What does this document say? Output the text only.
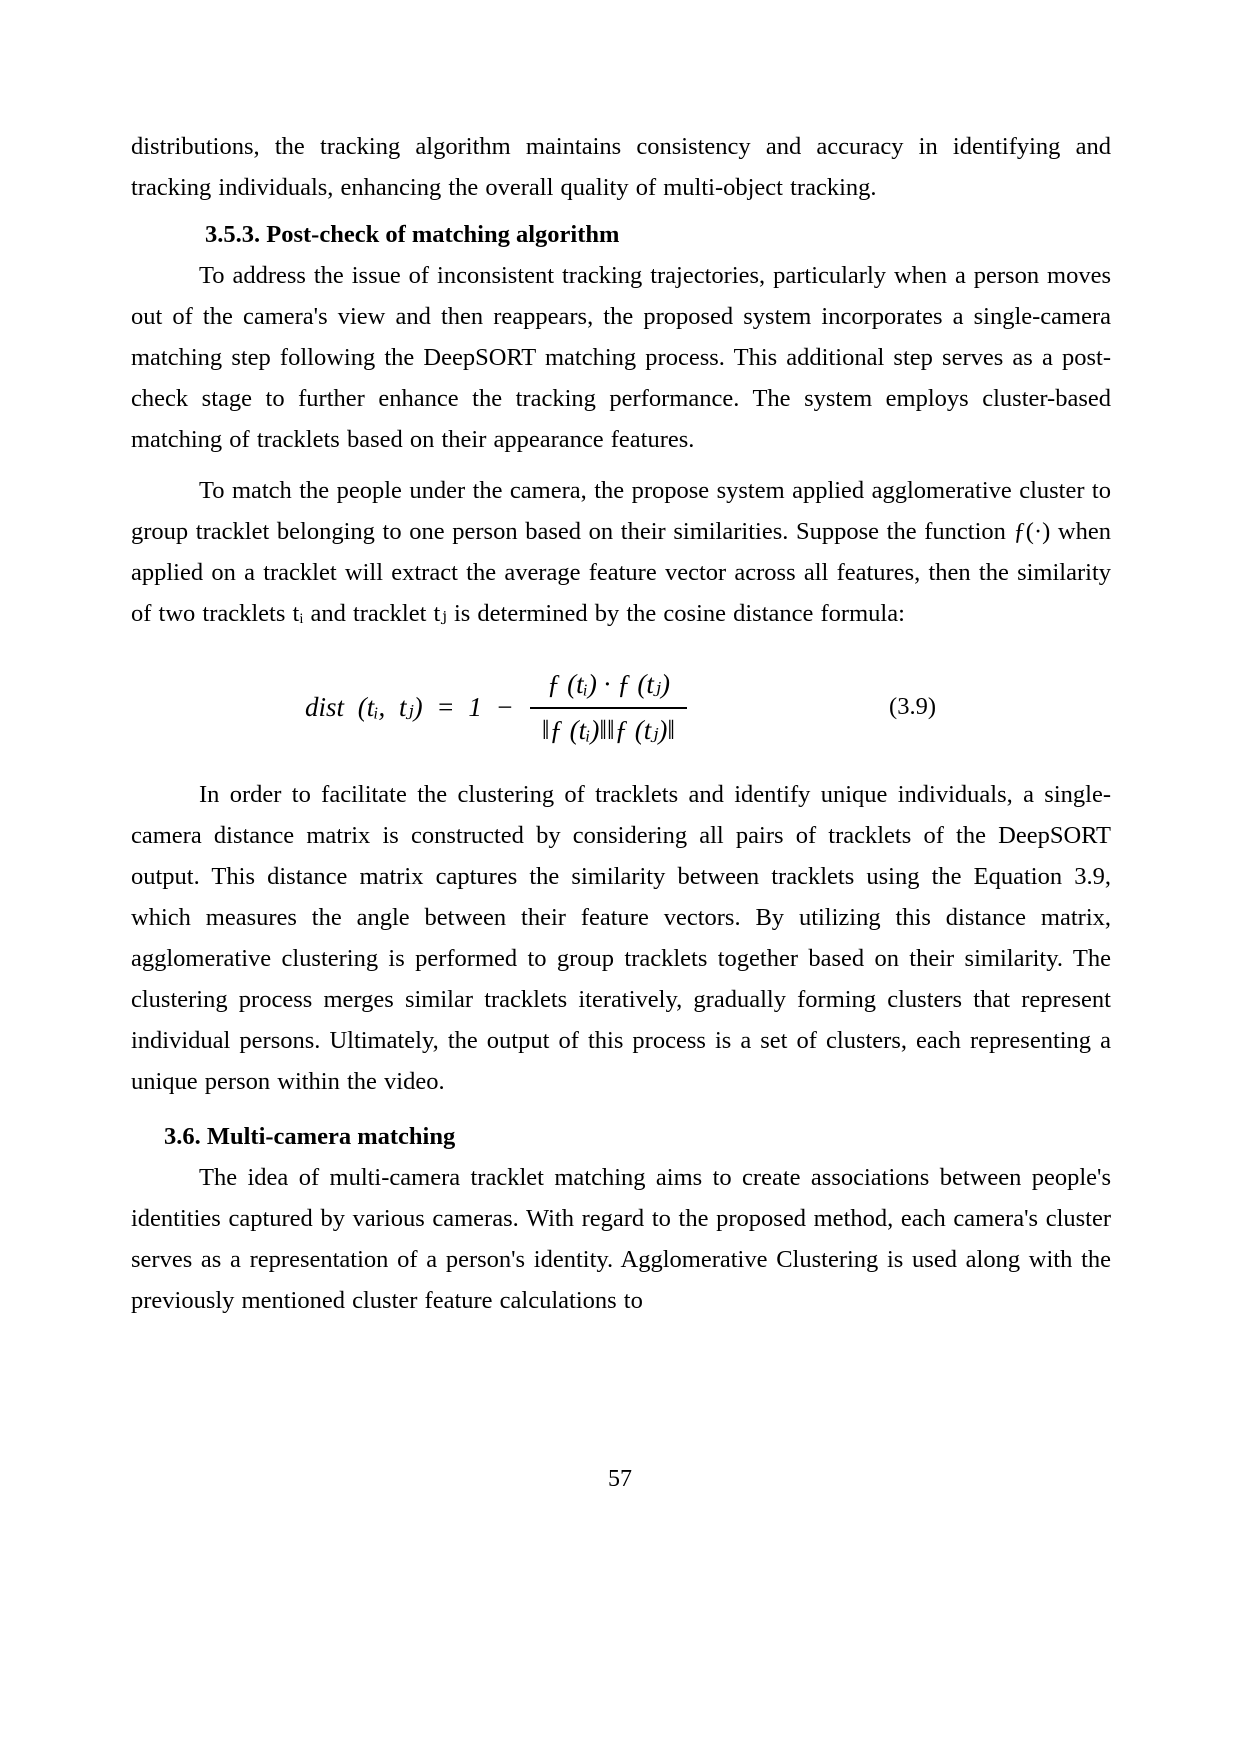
distributions, the tracking algorithm maintains consistency and accuracy in identifying and tracking individuals, enhancing the overall quality of multi-object tracking.

3.5.3. Post-check of matching algorithm

To address the issue of inconsistent tracking trajectories, particularly when a person moves out of the camera's view and then reappears, the proposed system incorporates a single-camera matching step following the DeepSORT matching process. This additional step serves as a post-check stage to further enhance the tracking performance. The system employs cluster-based matching of tracklets based on their appearance features.

To match the people under the camera, the propose system applied agglomerative cluster to group tracklet belonging to one person based on their similarities. Suppose the function ƒ(·) when applied on a tracklet will extract the average feature vector across all features, then the similarity of two tracklets tᵢ and tracklet tⱼ is determined by the cosine distance formula:

dist (tᵢ, tⱼ) = $1 - \frac{\text{ƒ (tᵢ) · ƒ (tⱼ)}}{\text{‖ƒ (tᵢ)‖‖ƒ (tⱼ)‖}}$	(3.9)

In order to facilitate the clustering of tracklets and identify unique individuals, a single-camera distance matrix is constructed by considering all pairs of tracklets of the DeepSORT output. This distance matrix captures the similarity between tracklets using the Equation 3.9, which measures the angle between their feature vectors. By utilizing this distance matrix, agglomerative clustering is performed to group tracklets together based on their similarity. The clustering process merges similar tracklets iteratively, gradually forming clusters that represent individual persons. Ultimately, the output of this process is a set of clusters, each representing a unique person within the video.

3.6. Multi-camera matching

The idea of multi-camera tracklet matching aims to create associations between people's identities captured by various cameras. With regard to the proposed method, each camera's cluster serves as a representation of a person's identity. Agglomerative Clustering is used along with the previously mentioned cluster feature calculations to

57
